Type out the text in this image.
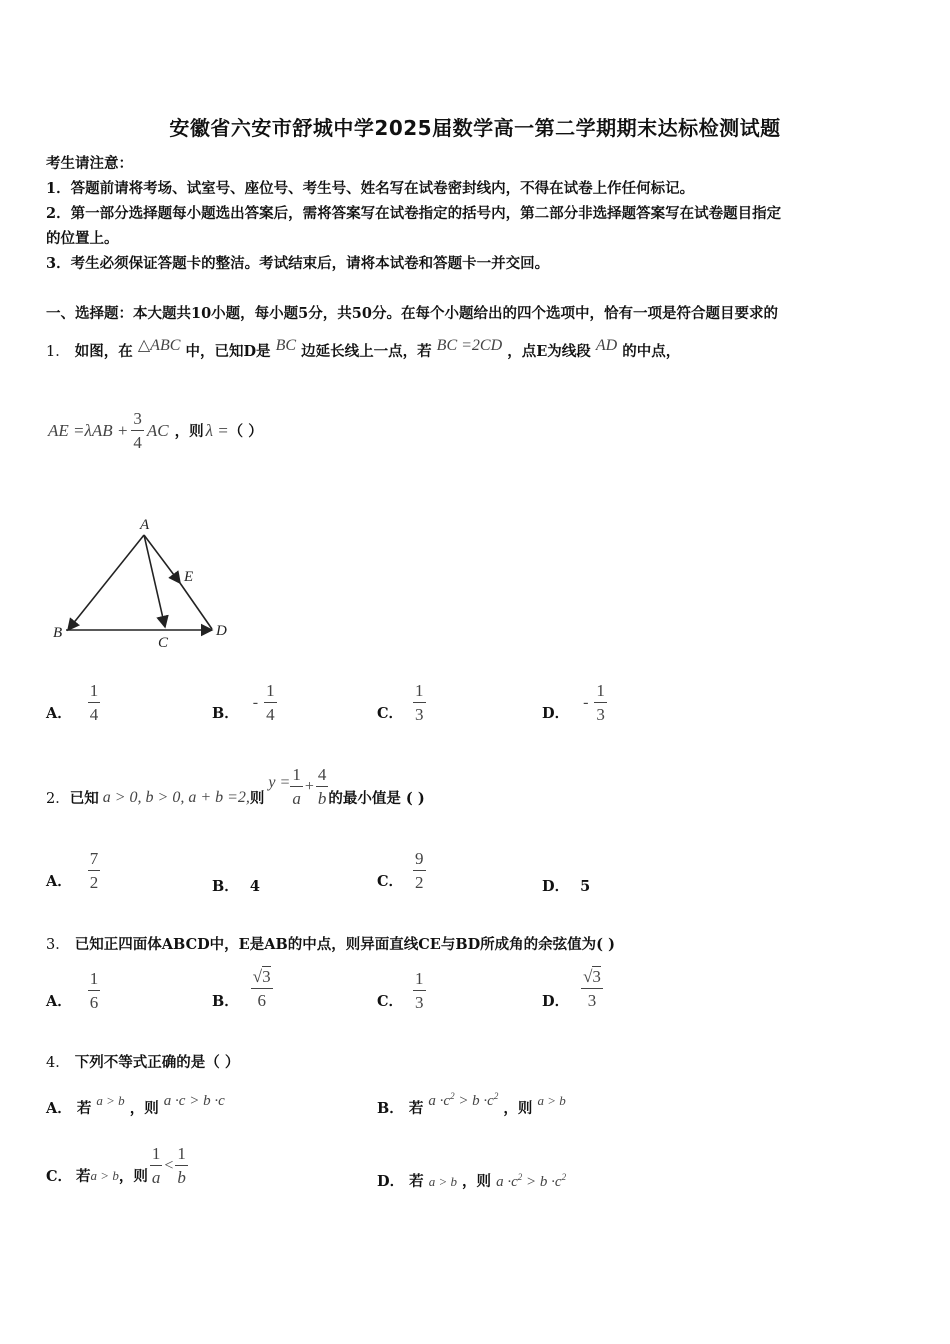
安徽省六安市舒城中学2025届数学高一第二学期期末达标检测试题
考生请注意：
1．答题前请将考场、试室号、座位号、考生号、姓名写在试卷密封线内，不得在试卷上作任何标记。
2．第一部分选择题每小题选出答案后，需将答案写在试卷指定的括号内，第二部分非选择题答案写在试卷题目指定
的位置上。
3．考生必须保证答题卡的整洁。考试结束后，请将本试卷和答题卡一并交回。
一、选择题：本大题共10小题，每小题5分，共50分。在每个小题给出的四个选项中，恰有一项是符合题目要求的
1． 如图，在 △ABC 中，已知D是 BC 边延长线上一点，若 BC =2CD ，点E为线段 AD 的中点，
AE $=\lambda AB + \frac{3}{4}$ AC ，则 λ = （ ）
A
B
C
D
E
A． $\frac{1}{4}$	B．
- $\frac{1}{4}$	C． $\frac{1}{3}$	D．
- $\frac{1}{3}$
2． 已知 a > 0, b > 0, a + b =2, 则
$y = \frac{1}{a} + \frac{4}{b}$ 的最小值是 ( )
A． $\frac{7}{2}$	B． 4	C． $\frac{9}{2}$	D． 5
3． 已知正四面体ABCD中，E是AB的中点，则异面直线CE与BD所成角的余弦值为( )
A． $\frac{1}{6}$	B． $\frac{√3}{6}$	C． $\frac{1}{3}$	D． $\frac{√3}{3}$
4． 下列不等式正确的是（ ）
A． 若 a > b ，则 a ·c > b ·c	B． 若 $a \cdot c^2 > b \cdot c^2$ ，则 a > b
C． 若 a > b ，则 $\frac{1}{a} < \frac{1}{b}$	D． 若 a > b ，则 $a \cdot c^2 > b \cdot c^2$
